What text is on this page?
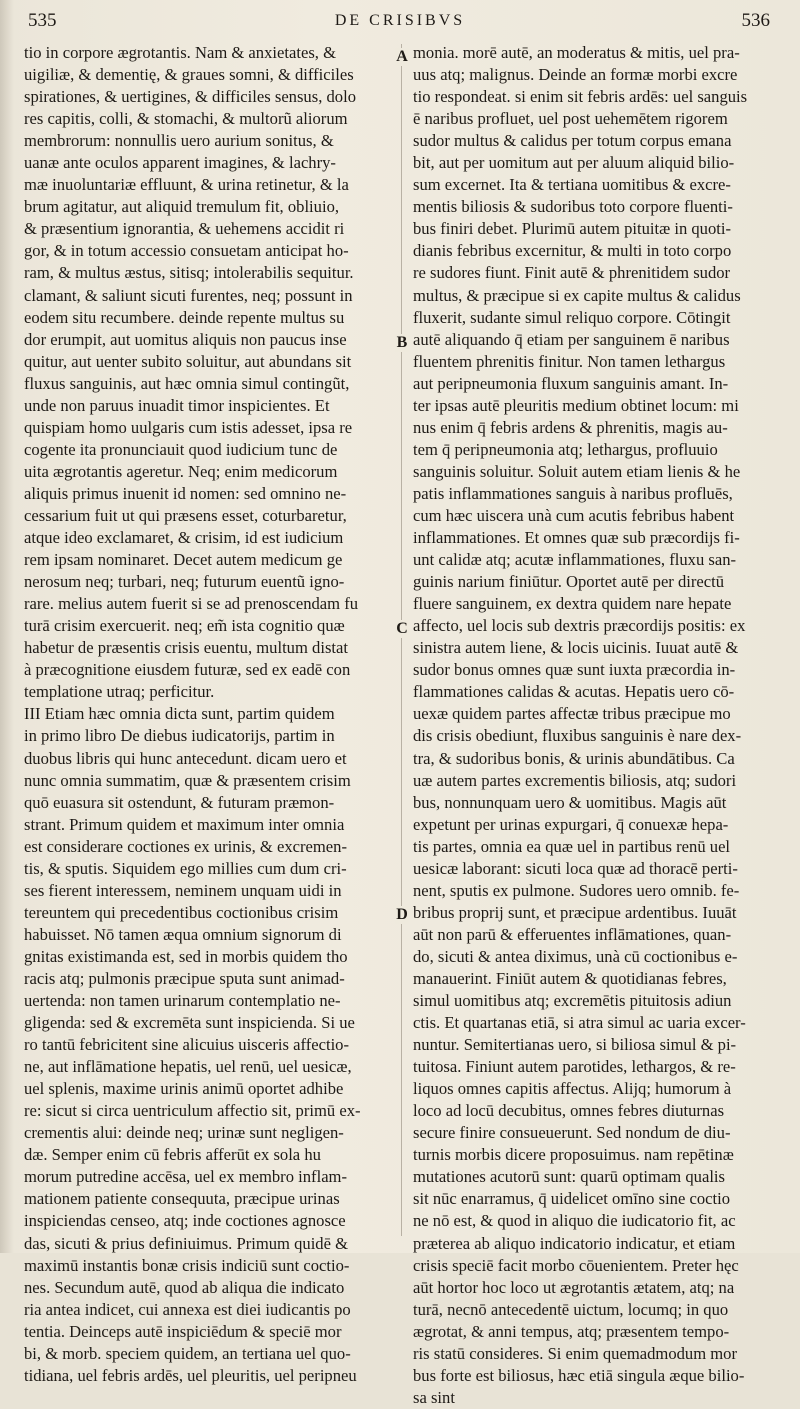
535	DE CRISIBVS	536
tio in corpore ægrotantis. Nam & anxietates, &
uigiliæ, & dementię, & graues somni, & difficiles
spirationes, & uertigines, & difficiles sensus, dolo
res capitis, colli, & stomachi, & multorũ aliorum
membrorum: nonnullis uero aurium sonitus, &
uanæ ante oculos apparent imagines, & lachry-
mæ inuoluntariæ effluunt, & urina retinetur, & la
brum agitatur, aut aliquid tremulum fit, obliuio,
& præsentium ignorantia, & uehemens accidit ri
gor, & in totum accessio consuetam anticipat ho-
ram, & multus æstus, sitisq; intolerabilis sequitur.
clamant, & saliunt sicuti furentes, neq; possunt in
eodem situ recumbere. deinde repente multus su
dor erumpit, aut uomitus aliquis non paucus inse
quitur, aut uenter subito soluitur, aut abundans sit
fluxus sanguinis, aut hæc omnia simul contingũt,
unde non paruus inuadit timor inspicientes. Et
quispiam homo uulgaris cum istis adesset, ipsa re
cogente ita pronunciauit quod iudicium tunc de
uita ægrotantis ageretur. Neq; enim medicorum
aliquis primus inuenit id nomen: sed omnino ne-
cessarium fuit ut qui præsens esset, coturbaretur,
atque ideo exclamaret, & crisim, id est iudicium
rem ipsam nominaret. Decet autem medicum ge
nerosum neq; turbari, neq; futurum euentũ igno-
rare. melius autem fuerit si se ad prenoscendam fu
turā crisim exercuerit. neq; em̃ ista cognitio quæ
habetur de præsentis crisis euentu, multum distat
à præcognitione eiusdem futuræ, sed ex eadē con
templatione utraq; perficitur.
III Etiam hæc omnia dicta sunt, partim quidem
in primo libro De diebus iudicatorijs, partim in
duobus libris qui hunc antecedunt. dicam uero et
nunc omnia summatim, quæ & præsentem crisim
quō euasura sit ostendunt, & futuram præmon-
strant. Primum quidem et maximum inter omnia
est considerare coctiones ex urinis, & excremen-
tis, & sputis. Siquidem ego millies cum dum cri-
ses fierent interessem, neminem unquam uidi in
tereuntem qui precedentibus coctionibus crisim
habuisset. Nō tamen æqua omnium signorum di
gnitas existimanda est, sed in morbis quidem tho
racis atq; pulmonis præcipue sputa sunt animad-
uertenda: non tamen urinarum contemplatio ne-
gligenda: sed & excremēta sunt inspicienda. Si ue
ro tantū febricitent sine alicuius uisceris affectio-
ne, aut inflāmatione hepatis, uel renū, uel uesicæ,
uel splenis, maxime urinis animū oportet adhibe
re: sicut si circa uentriculum affectio sit, primū ex-
crementis alui: deinde neq; urinæ sunt negligen-
dæ. Semper enim cū febris afferūt ex sola hu
morum putredine accēsa, uel ex membro inflam-
mationem patiente consequuta, præcipue urinas
inspiciendas censeo, atq; inde coctiones agnosce
das, sicuti & prius definiuimus. Primum quidē &
maximū instantis bonæ crisis indiciū sunt coctio-
nes. Secundum autē, quod ab aliqua die indicato
ria antea indicet, cui annexa est diei iudicantis po
tentia. Deinceps autē inspiciēdum & speciē mor
bi, & morb. speciem quidem, an tertiana uel quo-
tidiana, uel febris ardēs, uel pleuritis, uel peripneu
monia. morē autē, an moderatus & mitis, uel pra-
uus atq; malignus. Deinde an formæ morbi excre
tio respondeat. si enim sit febris ardēs: uel sanguis
ē naribus profluet, uel post uehemētem rigorem
sudor multus & calidus per totum corpus emana
bit, aut per uomitum aut per aluum aliquid bilio-
sum excernet. Ita & tertiana uomitibus & excre-
mentis biliosis & sudoribus toto corpore fluenti-
bus finiri debet. Plurimū autem pituitæ in quoti-
dianis febribus excernitur, & multi in toto corpo
re sudores fiunt. Finit autē & phrenitidem sudor
multus, & præcipue si ex capite multus & calidus
fluxerit, sudante simul reliquo corpore. Cōtingit
autē aliquando q̄ etiam per sanguinem ē naribus
fluentem phrenitis finitur. Non tamen lethargus
aut peripneumonia fluxum sanguinis amant. In-
ter ipsas autē pleuritis medium obtinet locum: mi
nus enim q̄ febris ardens & phrenitis, magis au-
tem q̄ peripneumonia atq; lethargus, profluuio
sanguinis soluitur. Soluit autem etiam lienis & he
patis inflammationes sanguis à naribus profluēs,
cum hæc uiscera unà cum acutis febribus habent
inflammationes. Et omnes quæ sub præcordijs fi-
unt calidæ atq; acutæ inflammationes, fluxu san-
guinis narium finiūtur. Oportet autē per directū
fluere sanguinem, ex dextra quidem nare hepate
affecto, uel locis sub dextris præcordijs positis: ex
sinistra autem liene, & locis uicinis. Iuuat autē &
sudor bonus omnes quæ sunt iuxta præcordia in-
flammationes calidas & acutas. Hepatis uero cō-
uexæ quidem partes affectæ tribus præcipue mo
dis crisis obediunt, fluxibus sanguinis è nare dex-
tra, & sudoribus bonis, & urinis abundātibus. Ca
uæ autem partes excrementis biliosis, atq; sudori
bus, nonnunquam uero & uomitibus. Magis aūt
expetunt per urinas expurgari, q̄ conuexæ hepa-
tis partes, omnia ea quæ uel in partibus renū uel
uesicæ laborant: sicuti loca quæ ad thoracē perti-
nent, sputis ex pulmone. Sudores uero omnib. fe-
bribus proprij sunt, et præcipue ardentibus. Iuuāt
aūt non parū & efferuentes inflāmationes, quan-
do, sicuti & antea diximus, unà cū coctionibus e-
manauerint. Finiūt autem & quotidianas febres,
simul uomitibus atq; excremētis pituitosis adiun
ctis. Et quartanas etiā, si atra simul ac uaria excer-
nuntur. Semitertianas uero, si biliosa simul & pi-
tuitosa. Finiunt autem parotides, lethargos, & re-
liquos omnes capitis affectus. Alijq; humorum à
loco ad locū decubitus, omnes febres diuturnas
secure finire consueuerunt. Sed nondum de diu-
turnis morbis dicere proposuimus. nam repētinæ
mutationes acutorū sunt: quarū optimam qualis
sit nūc enarramus, q̄ uidelicet omīno sine coctio
ne nō est, & quod in aliquo die iudicatorio fit, ac
præterea ab aliquo indicatorio indicatur, et etiam
crisis speciē facit morbo cōuenientem. Preter hęc
aūt hortor hoc loco ut ægrotantis ætatem, atq; na
turā, necnō antecedentē uictum, locumq; in quo
ægrotat, & anni tempus, atq; præsentem tempo-
ris statū consideres. Si enim quemadmodum mor
bus forte est biliosus, hæc etiā singula æque bilio-
sa sint
A
B
C
D
